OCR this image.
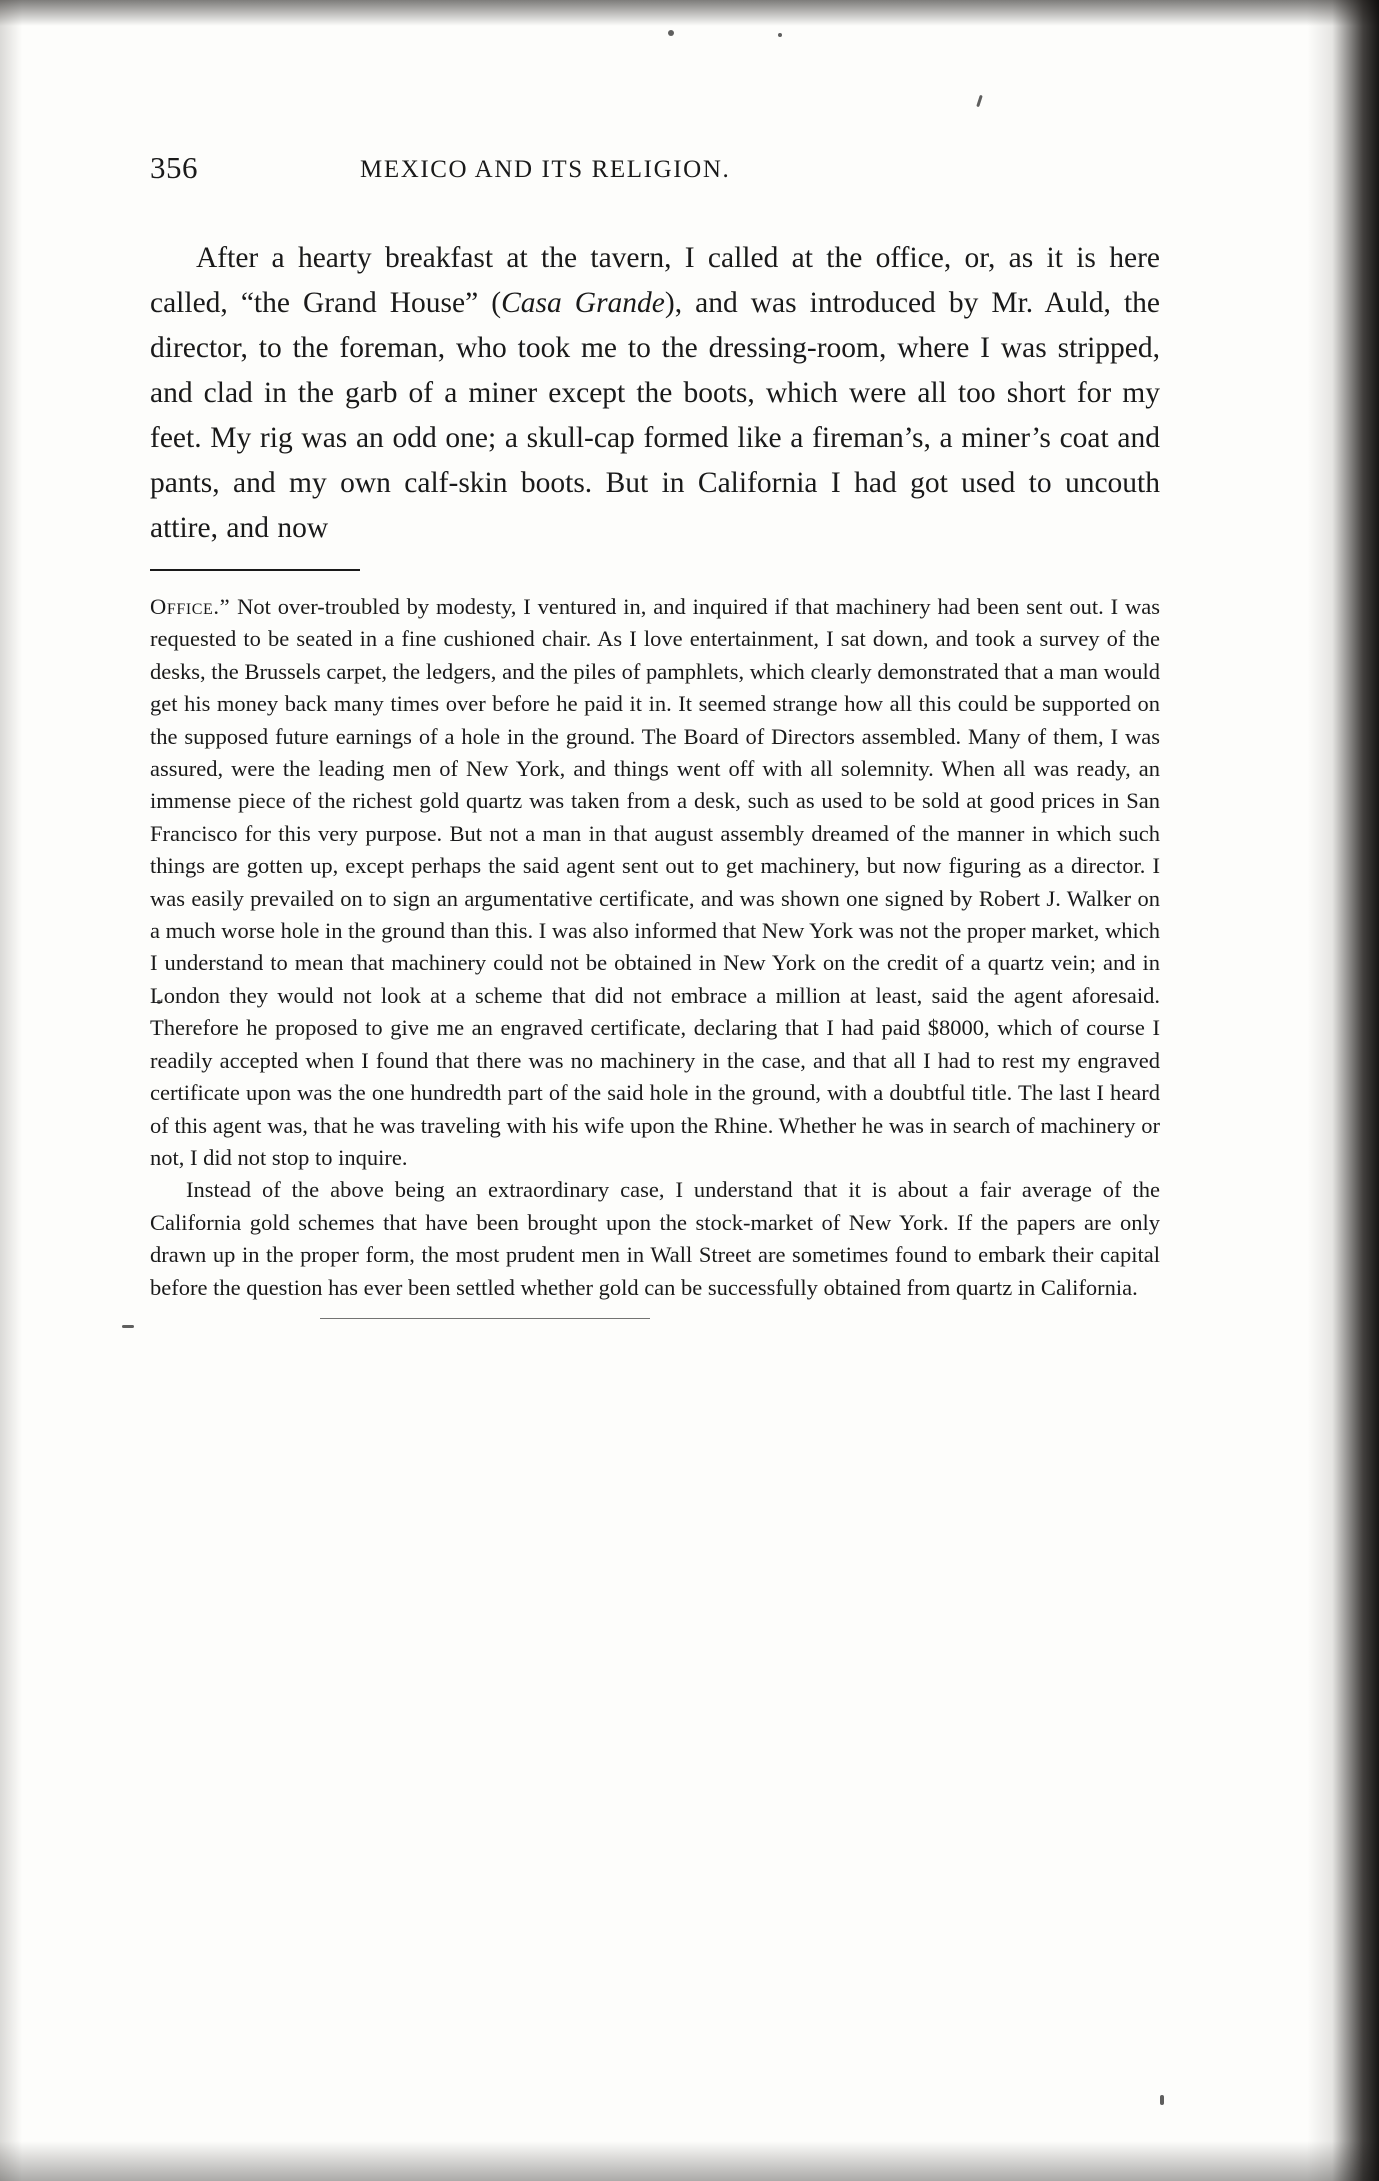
356	MEXICO AND ITS RELIGION.

After a hearty breakfast at the tavern, I called at the office, or, as it is here called, “the Grand House” (Casa Grande), and was introduced by Mr. Auld, the director, to the foreman, who took me to the dressing-room, where I was stripped, and clad in the garb of a miner except the boots, which were all too short for my feet. My rig was an odd one; a skull-cap formed like a fireman’s, a miner’s coat and pants, and my own calf-skin boots. But in California I had got used to uncouth attire, and now

Office.” Not over-troubled by modesty, I ventured in, and inquired if that machinery had been sent out. I was requested to be seated in a fine cushioned chair. As I love entertainment, I sat down, and took a survey of the desks, the Brussels carpet, the ledgers, and the piles of pamphlets, which clearly demonstrated that a man would get his money back many times over before he paid it in. It seemed strange how all this could be supported on the supposed future earnings of a hole in the ground. The Board of Directors assembled. Many of them, I was assured, were the leading men of New York, and things went off with all solemnity. When all was ready, an immense piece of the richest gold quartz was taken from a desk, such as used to be sold at good prices in San Francisco for this very purpose. But not a man in that august assembly dreamed of the manner in which such things are gotten up, except perhaps the said agent sent out to get machinery, but now figuring as a director. I was easily prevailed on to sign an argumentative certificate, and was shown one signed by Robert J. Walker on a much worse hole in the ground than this. I was also informed that New York was not the proper market, which I understand to mean that machinery could not be obtained in New York on the credit of a quartz vein; and in London they would not look at a scheme that did not embrace a million at least, said the agent aforesaid. Therefore he proposed to give me an engraved certificate, declaring that I had paid $8000, which of course I readily accepted when I found that there was no machinery in the case, and that all I had to rest my engraved certificate upon was the one hundredth part of the said hole in the ground, with a doubtful title. The last I heard of this agent was, that he was traveling with his wife upon the Rhine. Whether he was in search of machinery or not, I did not stop to inquire.

Instead of the above being an extraordinary case, I understand that it is about a fair average of the California gold schemes that have been brought upon the stock-market of New York. If the papers are only drawn up in the proper form, the most prudent men in Wall Street are sometimes found to embark their capital before the question has ever been settled whether gold can be successfully obtained from quartz in California.
